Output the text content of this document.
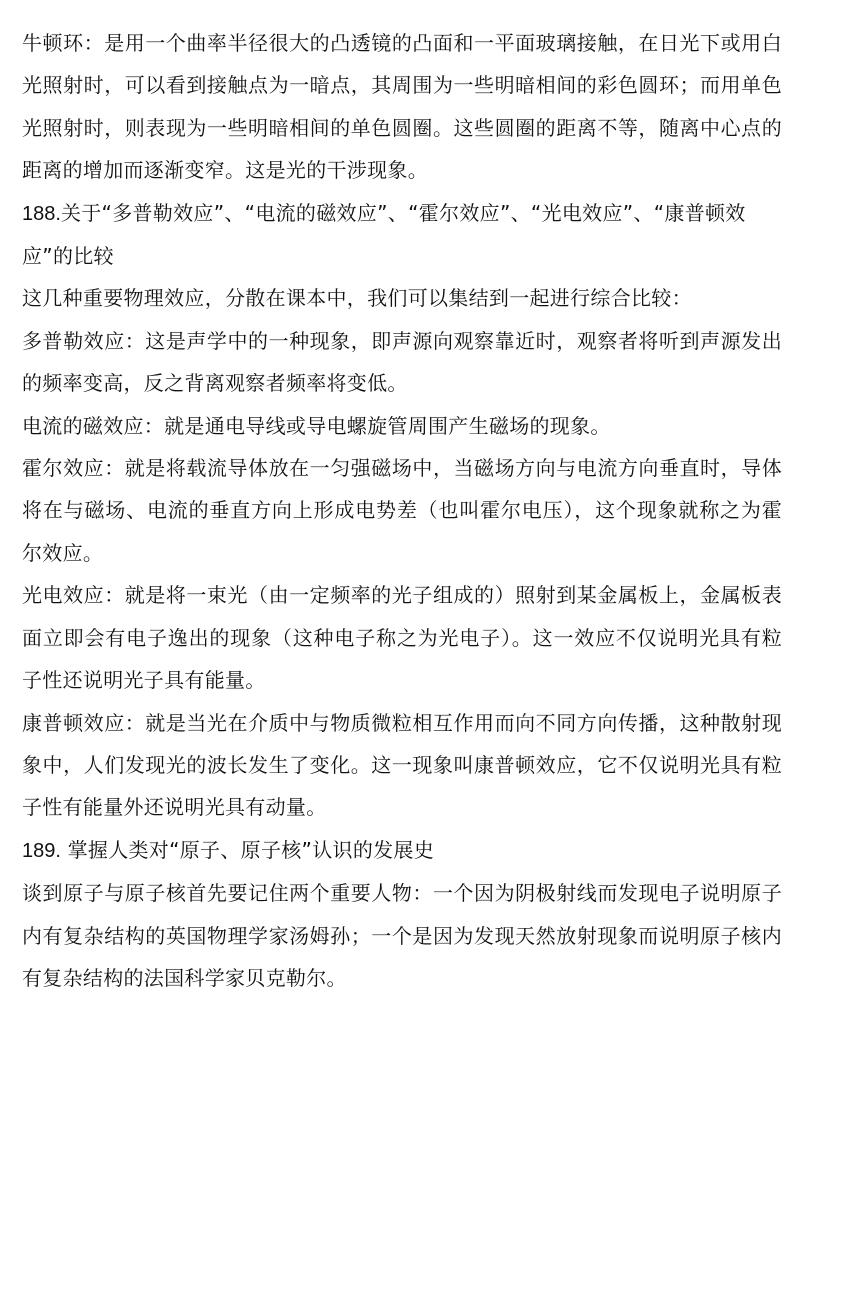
牛顿环：是用一个曲率半径很大的凸透镜的凸面和一平面玻璃接触，在日光下或用白光照射时，可以看到接触点为一暗点，其周围为一些明暗相间的彩色圆环；而用单色光照射时，则表现为一些明暗相间的单色圆圈。这些圆圈的距离不等，随离中心点的距离的增加而逐渐变窄。这是光的干涉现象。

188.关于“多普勒效应”、“电流的磁效应”、“霍尔效应”、“光电效应”、“康普顿效应”的比较

这几种重要物理效应，分散在课本中，我们可以集结到一起进行综合比较：

多普勒效应：这是声学中的一种现象，即声源向观察靠近时，观察者将听到声源发出的频率变高，反之背离观察者频率将变低。

电流的磁效应：就是通电导线或导电螺旋管周围产生磁场的现象。

霍尔效应：就是将载流导体放在一匀强磁场中，当磁场方向与电流方向垂直时，导体将在与磁场、电流的垂直方向上形成电势差（也叫霍尔电压），这个现象就称之为霍尔效应。

光电效应：就是将一束光（由一定频率的光子组成的）照射到某金属板上，金属板表面立即会有电子逸出的现象（这种电子称之为光电子）。这一效应不仅说明光具有粒子性还说明光子具有能量。

康普顿效应：就是当光在介质中与物质微粒相互作用而向不同方向传播，这种散射现象中，人们发现光的波长发生了变化。这一现象叫康普顿效应，它不仅说明光具有粒子性有能量外还说明光具有动量。

189. 掌握人类对“原子、原子核”认识的发展史

谈到原子与原子核首先要记住两个重要人物：一个因为阴极射线而发现电子说明原子内有复杂结构的英国物理学家汤姆孙；一个是因为发现天然放射现象而说明原子核内有复杂结构的法国科学家贝克勒尔。
